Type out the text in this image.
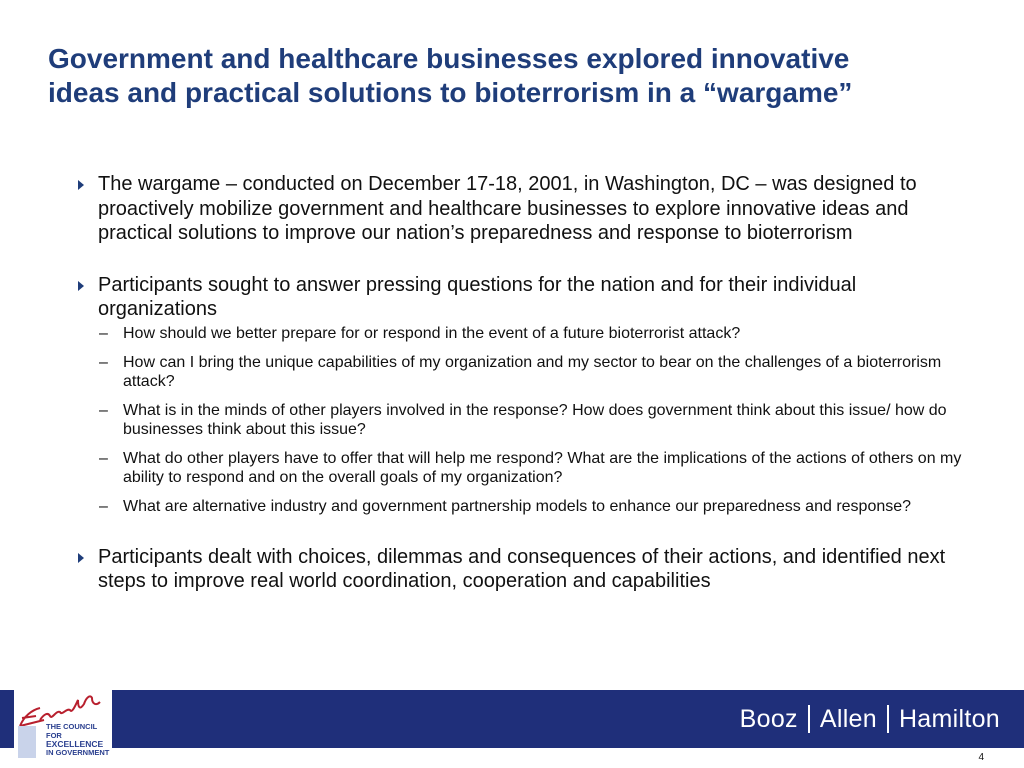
Government and healthcare businesses explored innovative
ideas and practical solutions to bioterrorism in a “wargame”
The wargame – conducted on December 17-18, 2001, in Washington, DC – was designed to proactively mobilize government and healthcare businesses to explore innovative ideas and practical solutions to improve our nation’s preparedness and response to bioterrorism
Participants sought to answer pressing questions for the nation and for their individual organizations
– How should we better prepare for or respond in the event of a future bioterrorist attack?
– How can I bring the unique capabilities of my organization and my sector to bear on the challenges of a bioterrorism attack?
– What is in the minds of other players involved in the response? How does government think about this issue/ how do businesses think about this issue?
– What do other players have to offer that will help me respond? What are the implications of the actions of others on my ability to respond and on the overall goals of my organization?
– What are alternative industry and government partnership models to enhance our preparedness and response?
Participants dealt with choices, dilemmas and consequences of their actions, and identified next steps to improve real world coordination, cooperation and capabilities
THE COUNCIL FOR
EXCELLENCE
IN GOVERNMENT
Booz Allen Hamilton
4
